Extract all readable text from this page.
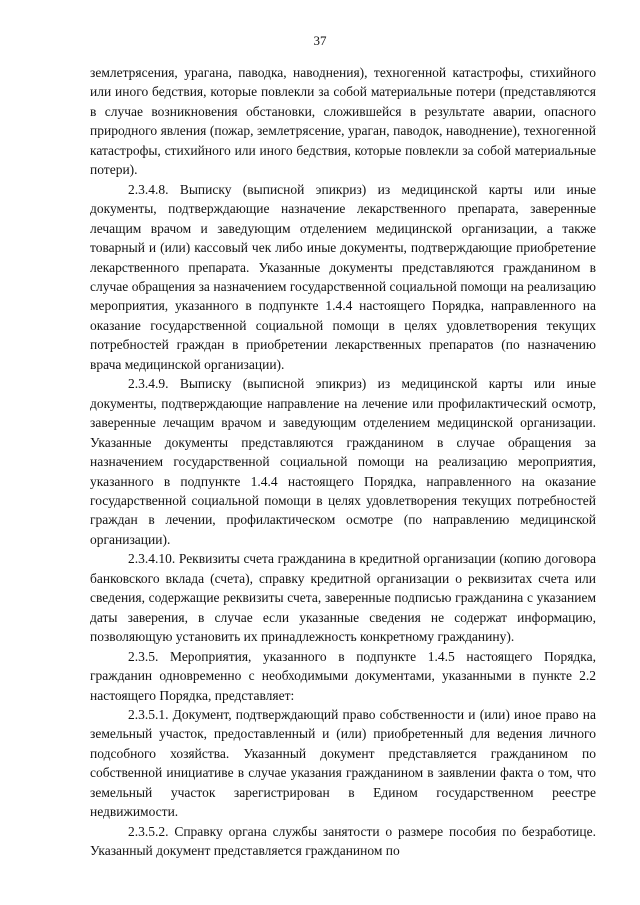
37

землетрясения, урагана, паводка, наводнения), техногенной катастрофы, стихийного или иного бедствия, которые повлекли за собой материальные потери (представляются в случае возникновения обстановки, сложившейся в результате аварии, опасного природного явления (пожар, землетрясение, ураган, паводок, наводнение), техногенной катастрофы, стихийного или иного бедствия, которые повлекли за собой материальные потери).

2.3.4.8. Выписку (выписной эпикриз) из медицинской карты или иные документы, подтверждающие назначение лекарственного препарата, заверенные лечащим врачом и заведующим отделением медицинской организации, а также товарный и (или) кассовый чек либо иные документы, подтверждающие приобретение лекарственного препарата. Указанные документы представляются гражданином в случае обращения за назначением государственной социальной помощи на реализацию мероприятия, указанного в подпункте 1.4.4 настоящего Порядка, направленного на оказание государственной социальной помощи в целях удовлетворения текущих потребностей граждан в приобретении лекарственных препаратов (по назначению врача медицинской организации).

2.3.4.9. Выписку (выписной эпикриз) из медицинской карты или иные документы, подтверждающие направление на лечение или профилактический осмотр, заверенные лечащим врачом и заведующим отделением медицинской организации. Указанные документы представляются гражданином в случае обращения за назначением государственной социальной помощи на реализацию мероприятия, указанного в подпункте 1.4.4 настоящего Порядка, направленного на оказание государственной социальной помощи в целях удовлетворения текущих потребностей граждан в лечении, профилактическом осмотре (по направлению медицинской организации).

2.3.4.10. Реквизиты счета гражданина в кредитной организации (копию договора банковского вклада (счета), справку кредитной организации о реквизитах счета или сведения, содержащие реквизиты счета, заверенные подписью гражданина с указанием даты заверения, в случае если указанные сведения не содержат информацию, позволяющую установить их принадлежность конкретному гражданину).

2.3.5. Мероприятия, указанного в подпункте 1.4.5 настоящего Порядка, гражданин одновременно с необходимыми документами, указанными в пункте 2.2 настоящего Порядка, представляет:

2.3.5.1. Документ, подтверждающий право собственности и (или) иное право на земельный участок, предоставленный и (или) приобретенный для ведения личного подсобного хозяйства. Указанный документ представляется гражданином по собственной инициативе в случае указания гражданином в заявлении факта о том, что земельный участок зарегистрирован в Едином государственном реестре недвижимости.

2.3.5.2. Справку органа службы занятости о размере пособия по безработице. Указанный документ представляется гражданином по
